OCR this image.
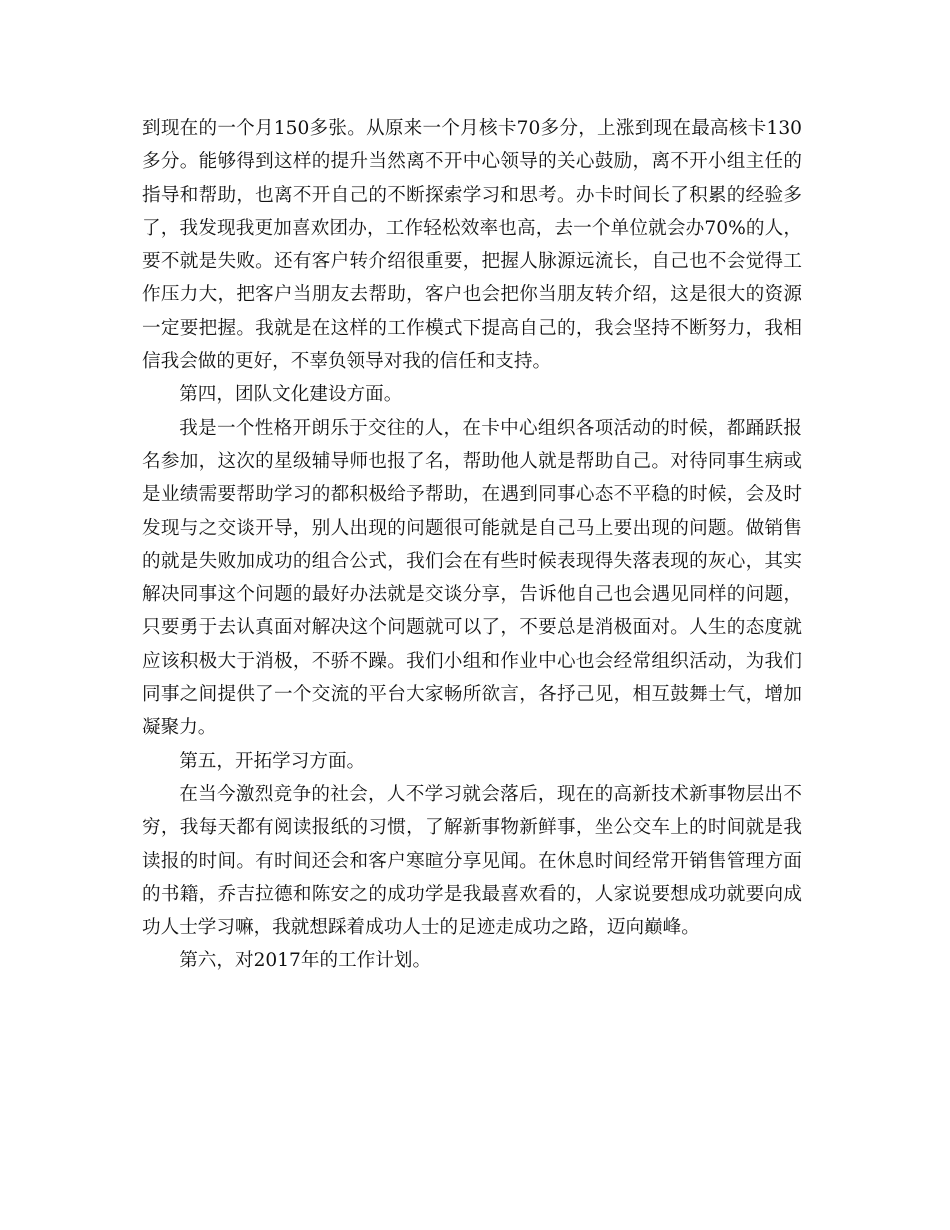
到现在的一个月150多张。从原来一个月核卡70多分，上涨到现在最高核卡130多分。能够得到这样的提升当然离不开中心领导的关心鼓励，离不开小组主任的指导和帮助，也离不开自己的不断探索学习和思考。办卡时间长了积累的经验多了，我发现我更加喜欢团办，工作轻松效率也高，去一个单位就会办70%的人，要不就是失败。还有客户转介绍很重要，把握人脉源远流长，自己也不会觉得工作压力大，把客户当朋友去帮助，客户也会把你当朋友转介绍，这是很大的资源一定要把握。我就是在这样的工作模式下提高自己的，我会坚持不断努力，我相信我会做的更好，不辜负领导对我的信任和支持。

第四，团队文化建设方面。

我是一个性格开朗乐于交往的人，在卡中心组织各项活动的时候，都踊跃报名参加，这次的星级辅导师也报了名，帮助他人就是帮助自己。对待同事生病或是业绩需要帮助学习的都积极给予帮助，在遇到同事心态不平稳的时候，会及时发现与之交谈开导，别人出现的问题很可能就是自己马上要出现的问题。做销售的就是失败加成功的组合公式，我们会在有些时候表现得失落表现的灰心，其实解决同事这个问题的最好办法就是交谈分享，告诉他自己也会遇见同样的问题，只要勇于去认真面对解决这个问题就可以了，不要总是消极面对。人生的态度就应该积极大于消极，不骄不躁。我们小组和作业中心也会经常组织活动，为我们同事之间提供了一个交流的平台大家畅所欲言，各抒己见，相互鼓舞士气，增加凝聚力。

第五，开拓学习方面。

在当今激烈竞争的社会，人不学习就会落后，现在的高新技术新事物层出不穷，我每天都有阅读报纸的习惯，了解新事物新鲜事，坐公交车上的时间就是我读报的时间。有时间还会和客户寒暄分享见闻。在休息时间经常开销售管理方面的书籍，乔吉拉德和陈安之的成功学是我最喜欢看的，人家说要想成功就要向成功人士学习嘛，我就想踩着成功人士的足迹走成功之路，迈向巅峰。

第六，对2017年的工作计划。
